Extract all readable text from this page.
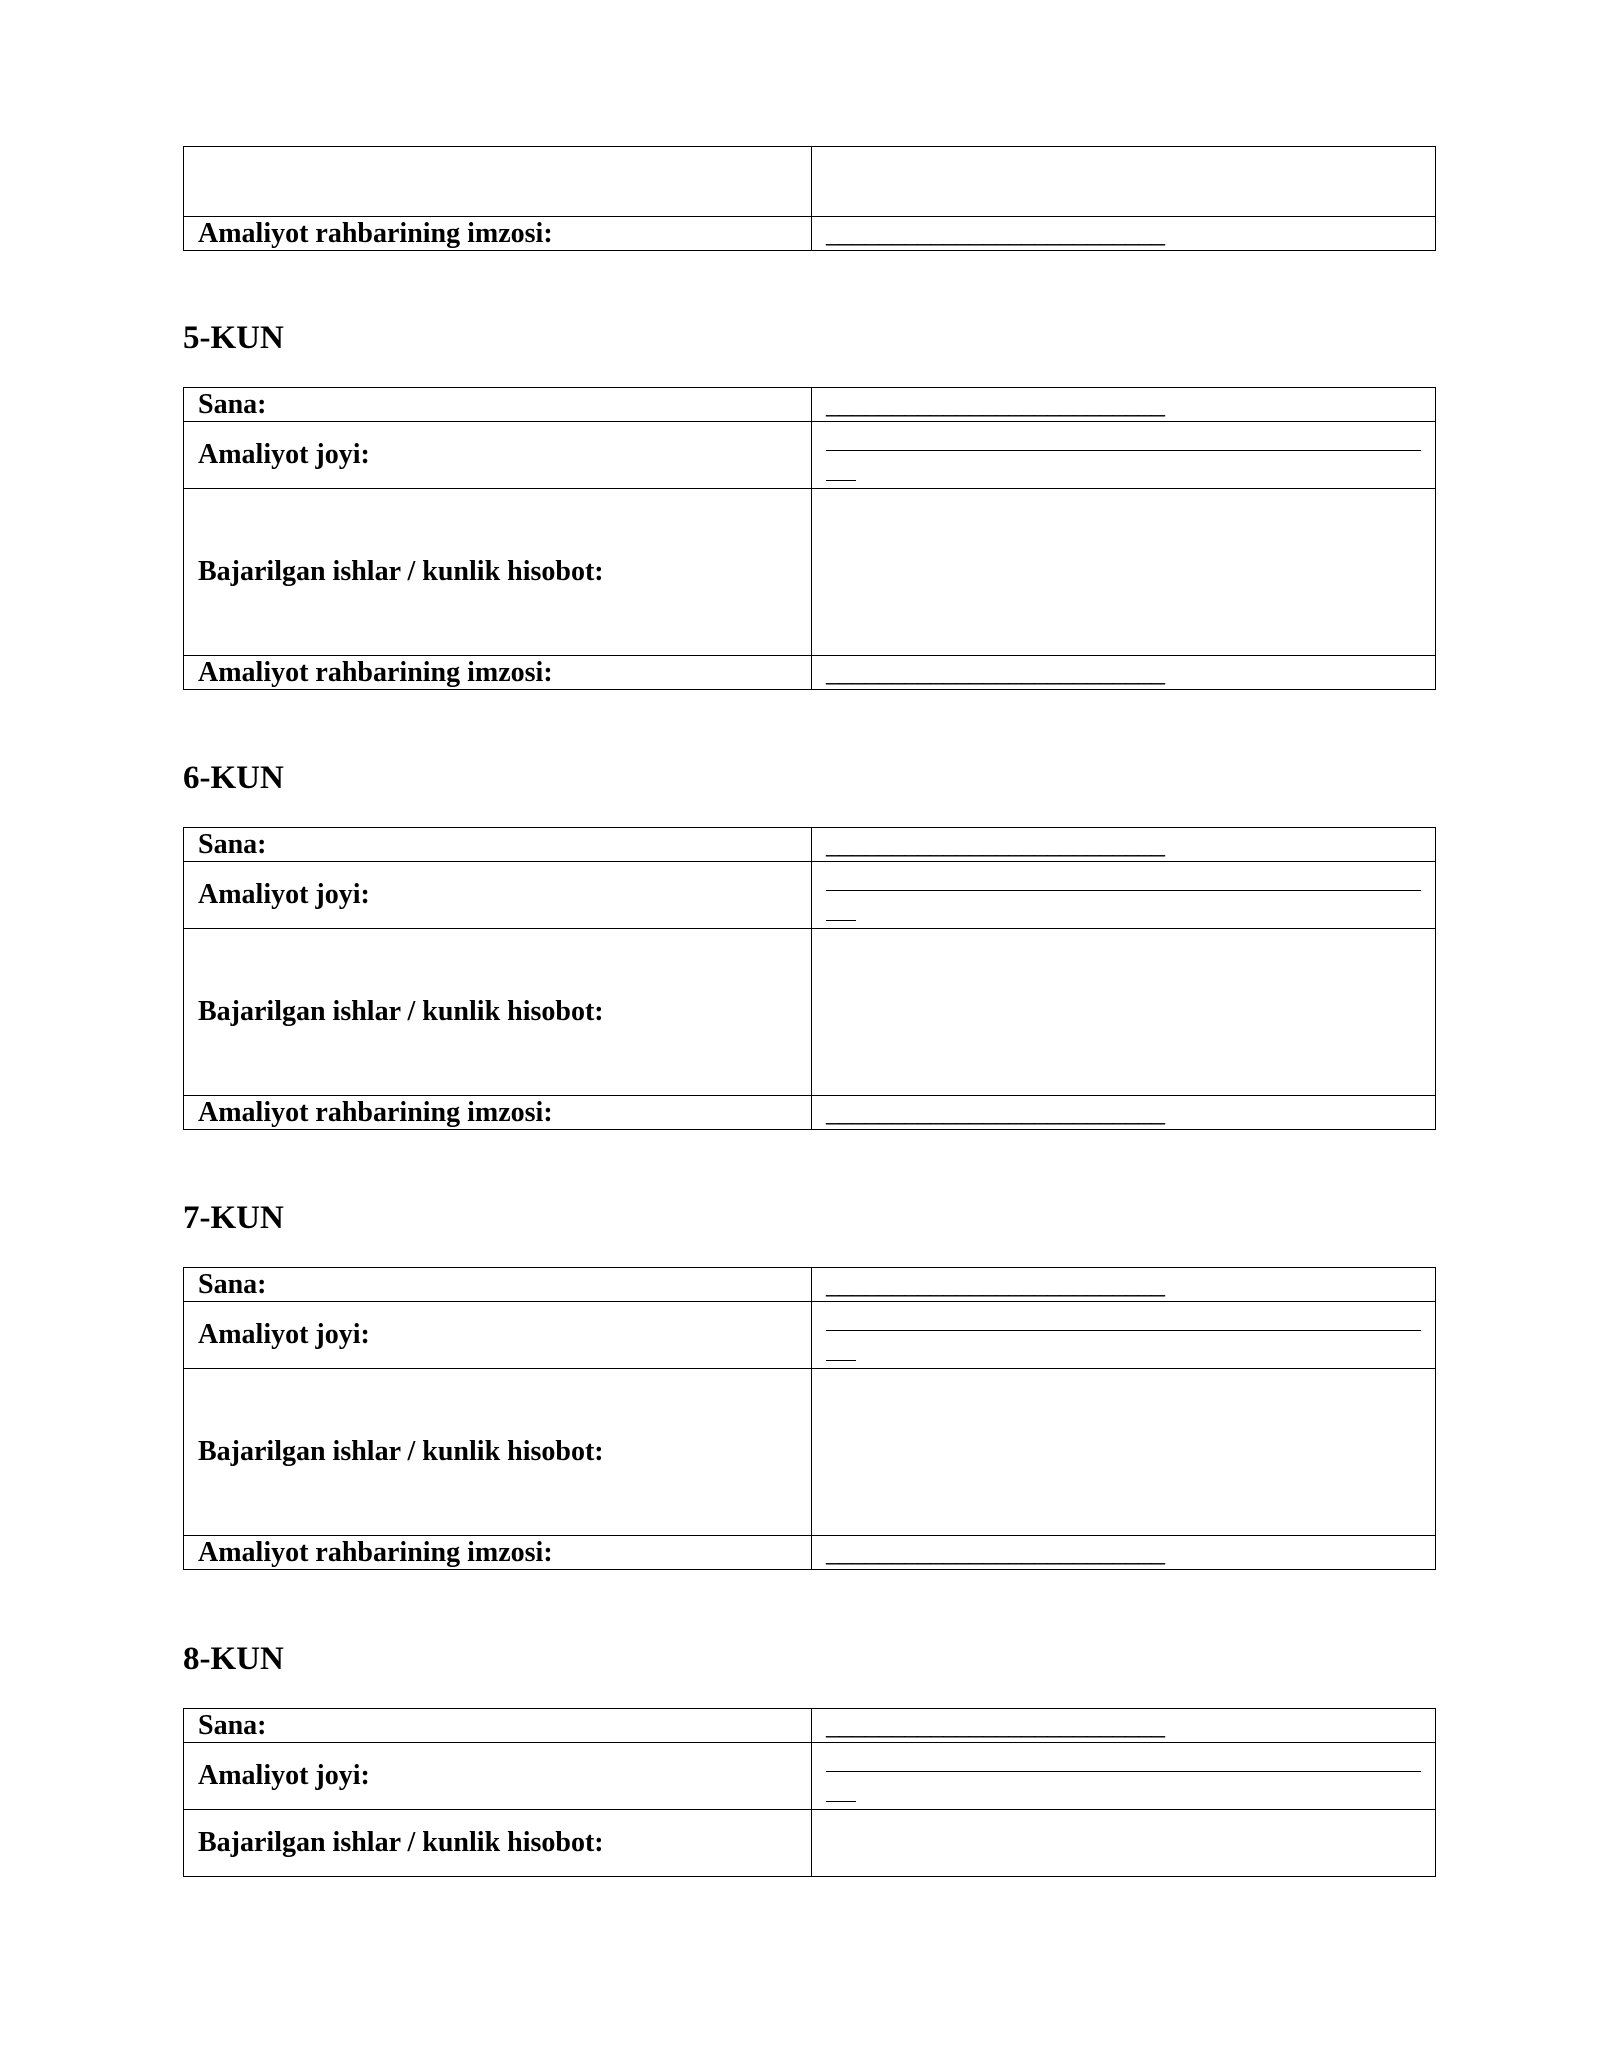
Amaliyot rahbarining imzosi:	__________________________
5-KUN
Sana:	__________________________
Amaliyot joyi:	

Bajarilgan ishlar / kunlik hisobot:	
Amaliyot rahbarining imzosi:	__________________________
6-KUN
Sana:	__________________________
Amaliyot joyi:	

Bajarilgan ishlar / kunlik hisobot:	
Amaliyot rahbarining imzosi:	__________________________
7-KUN
Sana:	__________________________
Amaliyot joyi:	

Bajarilgan ishlar / kunlik hisobot:	
Amaliyot rahbarining imzosi:	__________________________
8-KUN
Sana:	__________________________
Amaliyot joyi:	

Bajarilgan ishlar / kunlik hisobot:	
